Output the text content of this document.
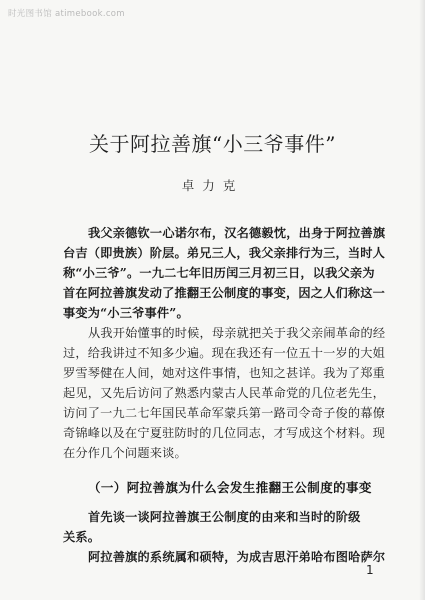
时光图书馆 atimebook.com
关于阿拉善旗“小三爷事件”
卓力克
我父亲德钦一心诺尔布，汉名德毅忱，出身于阿拉善旗
台吉（即贵族）阶层。弟兄三人，我父亲排行为三，当时人
称“小三爷”。一九二七年旧历闰三月初三日，以我父亲为
首在阿拉善旗发动了推翻王公制度的事变，因之人们称这一
事变为“小三爷事件”。
从我开始懂事的时候，母亲就把关于我父亲闹革命的经
过，给我讲过不知多少遍。现在我还有一位五十一岁的大姐
罗雪琴健在人间，她对这件事情，也知之甚详。我为了郑重
起见，又先后访问了熟悉内蒙古人民革命党的几位老先生，
访问了一九二七年国民革命军蒙兵第一路司令奇子俊的幕僚
奇锦峰以及在宁夏驻防时的几位同志，才写成这个材料。现
在分作几个问题来谈。
（一）阿拉善旗为什么会发生推翻王公制度的事变
首先谈一谈阿拉善旗王公制度的由来和当时的阶级
关系。
阿拉善旗的系统属和硕特，为成吉思汗弟哈布图哈萨尔
1
